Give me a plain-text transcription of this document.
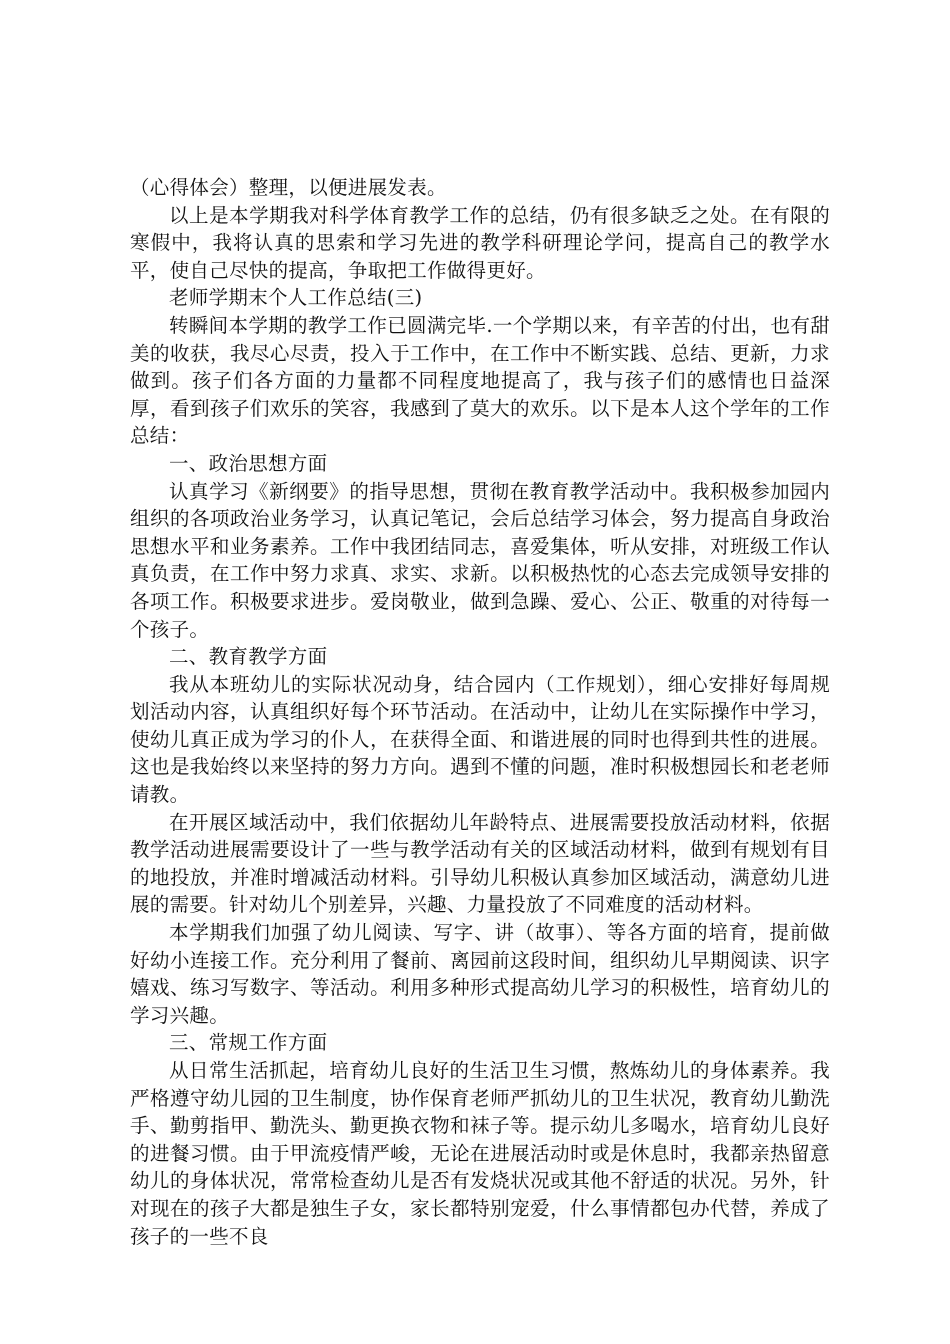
（心得体会）整理，以便进展发表。

以上是本学期我对科学体育教学工作的总结，仍有很多缺乏之处。在有限的寒假中，我将认真的思索和学习先进的教学科研理论学问，提高自己的教学水平，使自己尽快的提高，争取把工作做得更好。

老师学期末个人工作总结(三)

转瞬间本学期的教学工作已圆满完毕.一个学期以来，有辛苦的付出，也有甜美的收获，我尽心尽责，投入于工作中，在工作中不断实践、总结、更新，力求做到。孩子们各方面的力量都不同程度地提高了，我与孩子们的感情也日益深厚，看到孩子们欢乐的笑容，我感到了莫大的欢乐。以下是本人这个学年的工作总结：

一、政治思想方面

认真学习《新纲要》的指导思想，贯彻在教育教学活动中。我积极参加园内组织的各项政治业务学习，认真记笔记，会后总结学习体会，努力提高自身政治思想水平和业务素养。工作中我团结同志，喜爱集体，听从安排，对班级工作认真负责，在工作中努力求真、求实、求新。以积极热忱的心态去完成领导安排的各项工作。积极要求进步。爱岗敬业，做到急躁、爱心、公正、敬重的对待每一个孩子。

二、教育教学方面

我从本班幼儿的实际状况动身，结合园内（工作规划），细心安排好每周规划活动内容，认真组织好每个环节活动。在活动中，让幼儿在实际操作中学习，使幼儿真正成为学习的仆人，在获得全面、和谐进展的同时也得到共性的进展。这也是我始终以来坚持的努力方向。遇到不懂的问题，准时积极想园长和老老师请教。

在开展区域活动中，我们依据幼儿年龄特点、进展需要投放活动材料，依据教学活动进展需要设计了一些与教学活动有关的区域活动材料，做到有规划有目的地投放，并准时增减活动材料。引导幼儿积极认真参加区域活动，满意幼儿进展的需要。针对幼儿个别差异，兴趣、力量投放了不同难度的活动材料。

本学期我们加强了幼儿阅读、写字、讲（故事）、等各方面的培育，提前做好幼小连接工作。充分利用了餐前、离园前这段时间，组织幼儿早期阅读、识字嬉戏、练习写数字、等活动。利用多种形式提高幼儿学习的积极性，培育幼儿的学习兴趣。

三、常规工作方面

从日常生活抓起，培育幼儿良好的生活卫生习惯，熬炼幼儿的身体素养。我严格遵守幼儿园的卫生制度，协作保育老师严抓幼儿的卫生状况，教育幼儿勤洗手、勤剪指甲、勤洗头、勤更换衣物和袜子等。提示幼儿多喝水，培育幼儿良好的进餐习惯。由于甲流疫情严峻，无论在进展活动时或是休息时，我都亲热留意幼儿的身体状况，常常检查幼儿是否有发烧状况或其他不舒适的状况。另外，针对现在的孩子大都是独生子女，家长都特别宠爱，什么事情都包办代替，养成了孩子的一些不良
